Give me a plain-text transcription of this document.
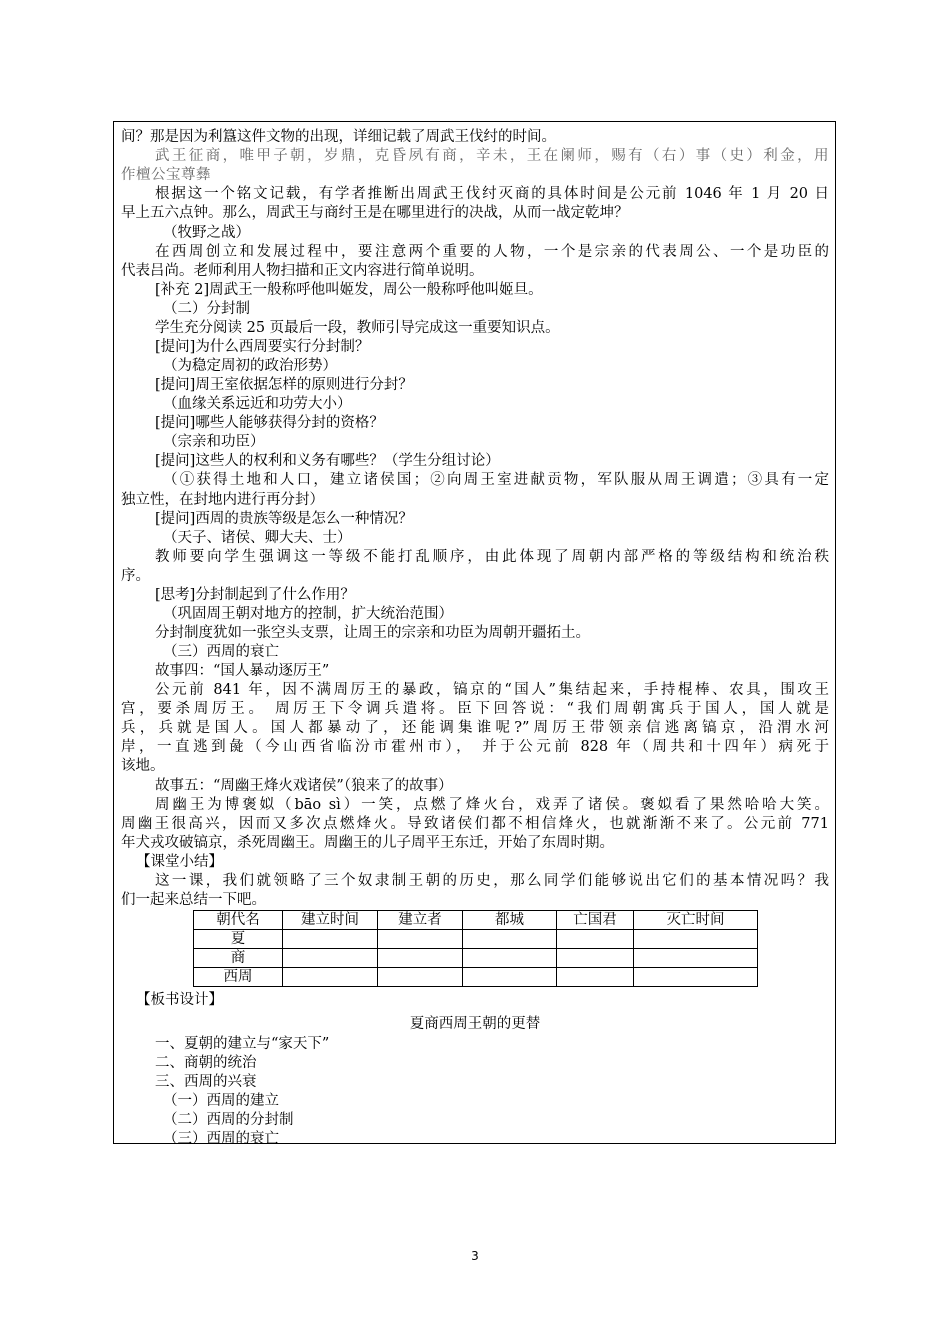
间？那是因为利簋这件文物的出现，详细记载了周武王伐纣的时间。
武王征商，唯甲子朝，岁鼎，克昏夙有商，辛未，王在阑师，赐有（右）事（史）利金，用
作檀公宝尊彝
根据这一个铭文记载，有学者推断出周武王伐纣灭商的具体时间是公元前 1046 年 1 月 20 日
早上五六点钟。那么，周武王与商纣王是在哪里进行的决战，从而一战定乾坤？
（牧野之战）
在西周创立和发展过程中，要注意两个重要的人物，一个是宗亲的代表周公、一个是功臣的
代表吕尚。老师利用人物扫描和正文内容进行简单说明。
[补充 2]周武王一般称呼他叫姬发，周公一般称呼他叫姬旦。
（二）分封制
学生充分阅读 25 页最后一段，教师引导完成这一重要知识点。
[提问]为什么西周要实行分封制？
（为稳定周初的政治形势）
[提问]周王室依据怎样的原则进行分封？
（血缘关系远近和功劳大小）
[提问]哪些人能够获得分封的资格？
（宗亲和功臣）
[提问]这些人的权利和义务有哪些？（学生分组讨论）
（①获得土地和人口，建立诸侯国；②向周王室进献贡物，军队服从周王调遣；③具有一定
独立性，在封地内进行再分封）
[提问]西周的贵族等级是怎么一种情况？
（天子、诸侯、卿大夫、士）
教师要向学生强调这一等级不能打乱顺序，由此体现了周朝内部严格的等级结构和统治秩
序。
[思考]分封制起到了什么作用？
（巩固周王朝对地方的控制，扩大统治范围）
分封制度犹如一张空头支票，让周王的宗亲和功臣为周朝开疆拓土。
（三）西周的衰亡
故事四：“国人暴动逐厉王”
公元前 841 年，因不满周厉王的暴政，镐京的“国人”集结起来，手持棍棒、农具，围攻王
宫，要杀周厉王。 周厉王下令调兵遣将。臣下回答说：“我们周朝寓兵于国人，国人就是
兵，兵就是国人。国人都暴动了，还能调集谁呢?”周厉王带领亲信逃离镐京，沿渭水河
岸，一直逃到彘（今山西省临汾市霍州市）， 并于公元前 828 年（周共和十四年）病死于
该地。
故事五：“周幽王烽火戏诸侯”（狼来了的故事）
周幽王为博褒姒（bāo sì）一笑，点燃了烽火台，戏弄了诸侯。褒姒看了果然哈哈大笑。
周幽王很高兴，因而又多次点燃烽火。导致诸侯们都不相信烽火，也就渐渐不来了。公元前 771
年犬戎攻破镐京，杀死周幽王。周幽王的儿子周平王东迁，开始了东周时期。
【课堂小结】
这一课，我们就领略了三个奴隶制王朝的历史，那么同学们能够说出它们的基本情况吗？我
们一起来总结一下吧。
朝代名	建立时间	建立者	都城	亡国君	灭亡时间
夏					
商					
西周					
【板书设计】
夏商西周王朝的更替
一、夏朝的建立与“家天下”
二、商朝的统治
三、西周的兴衰
（一）西周的建立
（二）西周的分封制
（三）西周的衰亡
3
